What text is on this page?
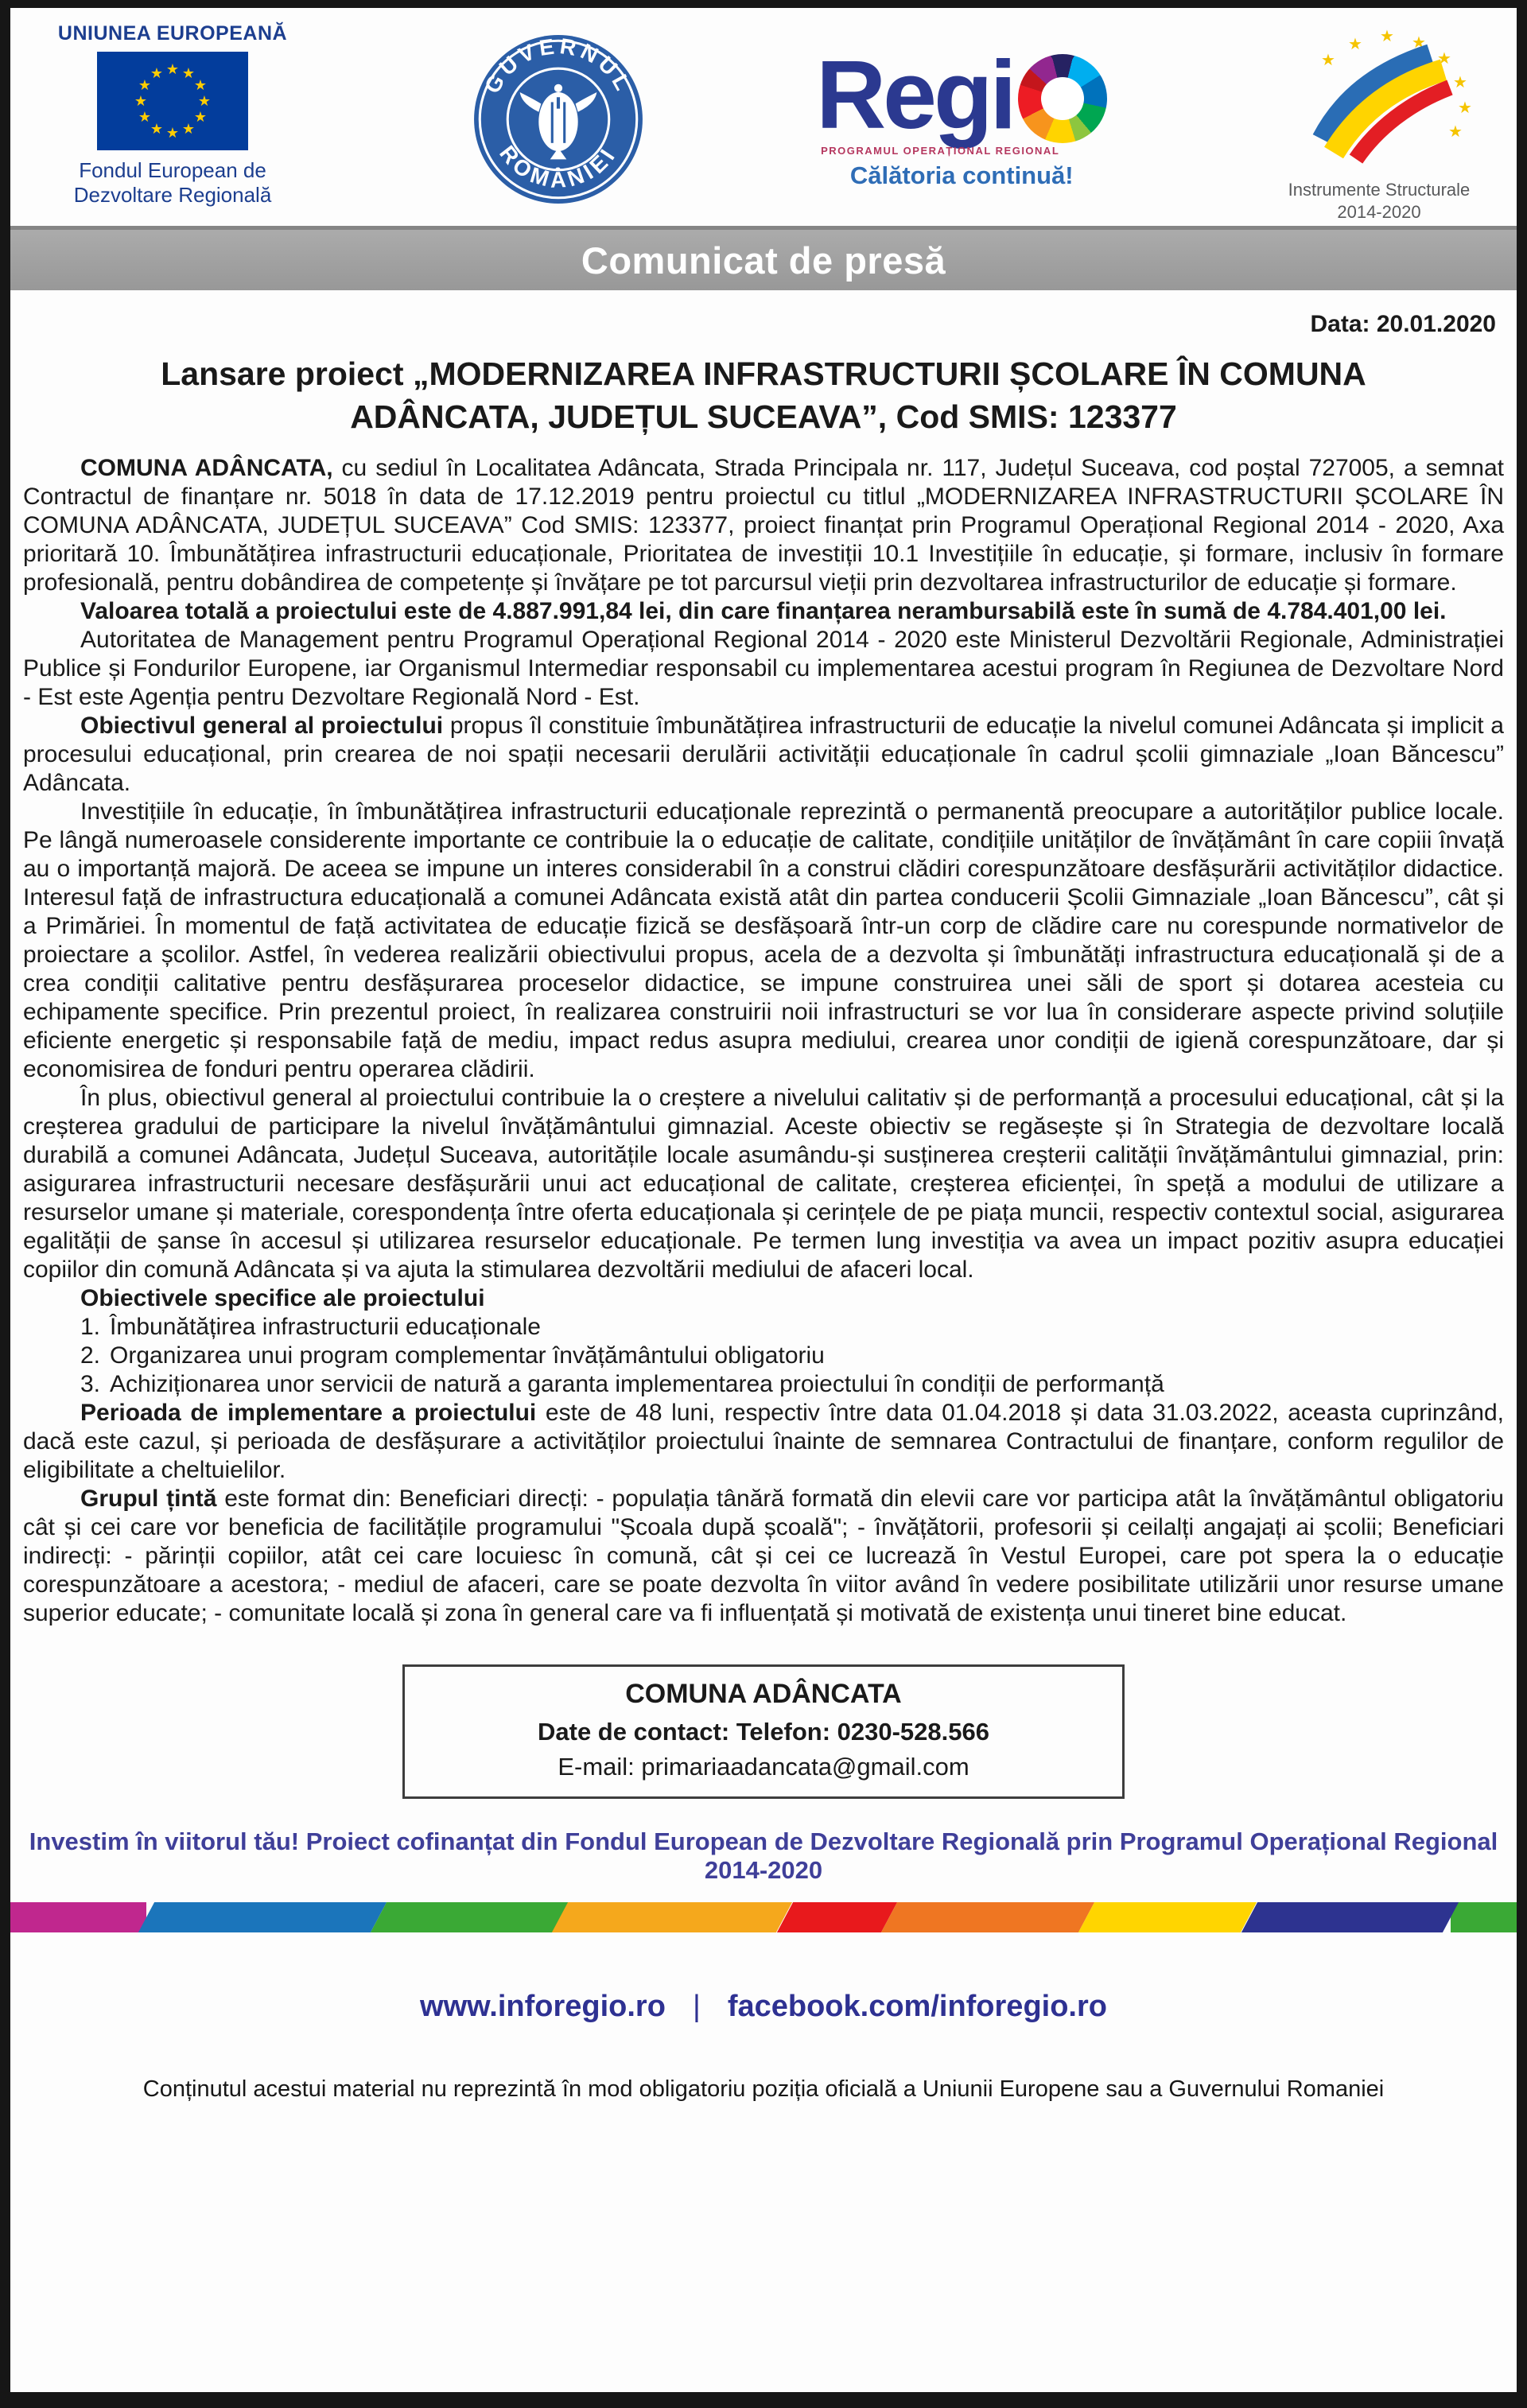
UNIUNEA EUROPEANĂ
★ ★
★
★
★
★
★
★
★
★
★
★
Fondul European de
Dezvoltare Regională
GUVERNUL
ROMÂNIEI
Regi
PROGRAMUL OPERAȚIONAL REGIONAL
Călătoria continuă!
★
★ ★ ★
★
★
★
★
Instrumente Structurale
2014-2020
Comunicat de presă
Data: 20.01.2020
Lansare proiect „MODERNIZAREA INFRASTRUCTURII ȘCOLARE ÎN COMUNA ADÂNCATA, JUDEȚUL SUCEAVA”, Cod SMIS: 123377

COMUNA ADÂNCATA, cu sediul în Localitatea Adâncata, Strada Principala nr. 117, Județul Suceava, cod poștal 727005, a semnat Contractul de finanțare nr. 5018 în data de 17.12.2019 pentru proiectul cu titlul „MODERNIZAREA INFRASTRUCTURII ȘCOLARE ÎN COMUNA ADÂNCATA, JUDEȚUL SUCEAVA” Cod SMIS: 123377, proiect finanțat prin Programul Operațional Regional 2014 - 2020, Axa prioritară 10. Îmbunătățirea infrastructurii educaționale, Prioritatea de investiții 10.1 Investițiile în educație, și formare, inclusiv în formare profesională, pentru dobândirea de competențe și învățare pe tot parcursul vieții prin dezvoltarea infrastructurilor de educație și formare.

Valoarea totală a proiectului este de 4.887.991,84 lei, din care finanțarea nerambursabilă este în sumă de 4.784.401,00 lei.

Autoritatea de Management pentru Programul Operațional Regional 2014 - 2020 este Ministerul Dezvoltării Regionale, Administrației Publice și Fondurilor Europene, iar Organismul Intermediar responsabil cu implementarea acestui program în Regiunea de Dezvoltare Nord - Est este Agenția pentru Dezvoltare Regională Nord - Est.

Obiectivul general al proiectului propus îl constituie îmbunătățirea infrastructurii de educație la nivelul comunei Adâncata și implicit a procesului educațional, prin crearea de noi spații necesarii derulării activității educaționale în cadrul școlii gimnaziale „Ioan Băncescu” Adâncata.

Investițiile în educație, în îmbunătățirea infrastructurii educaționale reprezintă o permanentă preocupare a autorităților publice locale. Pe lângă numeroasele considerente importante ce contribuie la o educație de calitate, condițiile unităților de învățământ în care copiii învață au o importanță majoră. De aceea se impune un interes considerabil în a construi clădiri corespunzătoare desfășurării activităților didactice. Interesul față de infrastructura educațională a comunei Adâncata există atât din partea conducerii Școlii Gimnaziale „Ioan Băncescu”, cât și a Primăriei. În momentul de față activitatea de educație fizică se desfășoară într-un corp de clădire care nu corespunde normativelor de proiectare a școlilor. Astfel, în vederea realizării obiectivului propus, acela de a dezvolta și îmbunătăți infrastructura educațională și de a crea condiții calitative pentru desfășurarea proceselor didactice, se impune construirea unei săli de sport și dotarea acesteia cu echipamente specifice. Prin prezentul proiect, în realizarea construirii noii infrastructuri se vor lua în considerare aspecte privind soluțiile eficiente energetic și responsabile față de mediu, impact redus asupra mediului, crearea unor condiții de igienă corespunzătoare, dar și economisirea de fonduri pentru operarea clădirii.

În plus, obiectivul general al proiectului contribuie la o creștere a nivelului calitativ și de performanță a procesului educațional, cât și la creșterea gradului de participare la nivelul învățământului gimnazial. Aceste obiectiv se regăsește și în Strategia de dezvoltare locală durabilă a comunei Adâncata, Județul Suceava, autoritățile locale asumându-și susținerea creșterii calității învățământului gimnazial, prin: asigurarea infrastructurii necesare desfășurării unui act educațional de calitate, creșterea eficienței, în speță a modului de utilizare a resurselor umane și materiale, corespondența între oferta educaționala și cerințele de pe piața muncii, respectiv contextul social, asigurarea egalității de șanse în accesul și utilizarea resurselor educaționale. Pe termen lung investiția va avea un impact pozitiv asupra educației copiilor din comună Adâncata și va ajuta la stimularea dezvoltării mediului de afaceri local.

Obiectivele specifice ale proiectului
1. Îmbunătățirea infrastructurii educaționale
2. Organizarea unui program complementar învățământului obligatoriu
3. Achiziționarea unor servicii de natură a garanta implementarea proiectului în condiții de performanță

Perioada de implementare a proiectului este de 48 luni, respectiv între data 01.04.2018 și data 31.03.2022, aceasta cuprinzând, dacă este cazul, și perioada de desfășurare a activităților proiectului înainte de semnarea Contractului de finanțare, conform regulilor de eligibilitate a cheltuielilor.

Grupul țintă este format din: Beneficiari direcți: - populația tânără formată din elevii care vor participa atât la învățământul obligatoriu cât și cei care vor beneficia de facilitățile programului "Școala după școală"; - învățătorii, profesorii și ceilalți angajați ai școlii; Beneficiari indirecți: - părinții copiilor, atât cei care locuiesc în comună, cât și cei ce lucrează în Vestul Europei, care pot spera la o educație corespunzătoare a acestora; - mediul de afaceri, care se poate dezvolta în viitor având în vedere posibilitate utilizării unor resurse umane superior educate; - comunitate locală și zona în general care va fi influențată și motivată de existența unui tineret bine educat.

COMUNA ADÂNCATA
Date de contact: Telefon: 0230-528.566
E-mail: primariaadancata@gmail.com
Investim în viitorul tău! Proiect cofinanțat din Fondul European de Dezvoltare Regională prin Programul Operațional Regional 2014-2020
www.inforegio.ro | facebook.com/inforegio.ro
Conținutul acestui material nu reprezintă în mod obligatoriu poziția oficială a Uniunii Europene sau a Guvernului Romaniei
